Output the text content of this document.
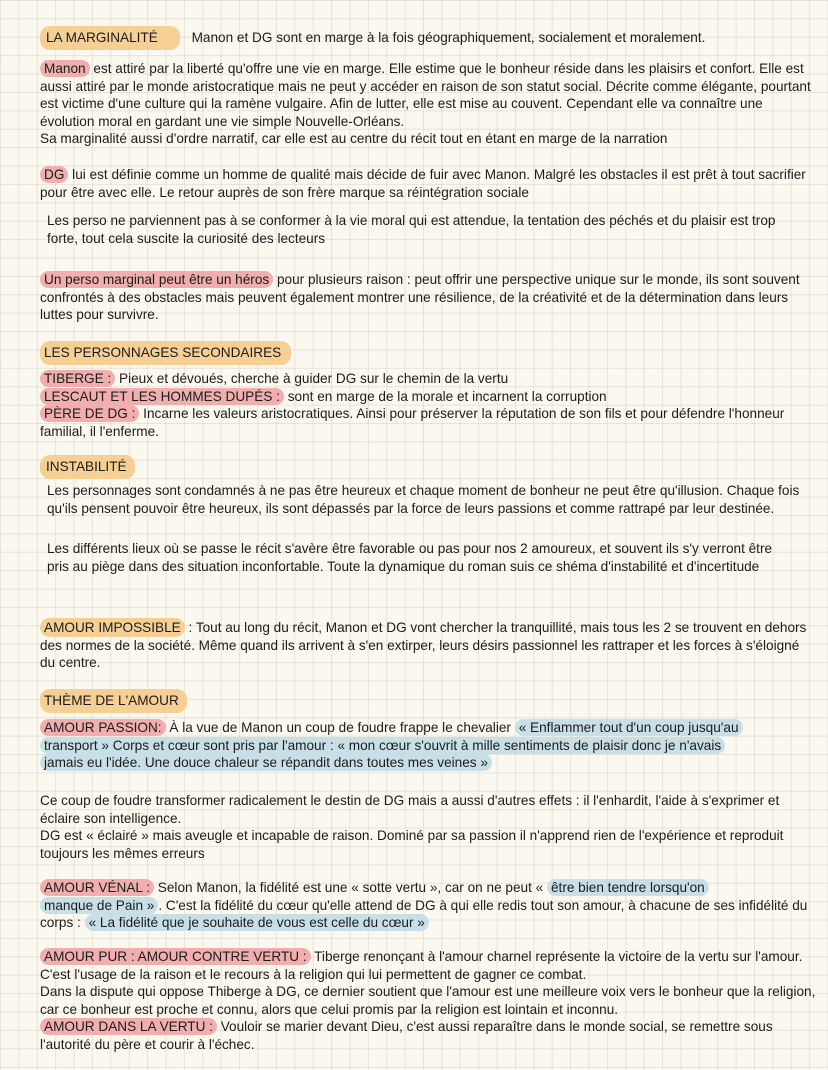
LA MARGINALITÉ Manon et DG sont en marge à la fois géographiquement, socialement et moralement.

Manon est attiré par la liberté qu'offre une vie en marge. Elle estime que le bonheur réside dans les plaisirs et confort. Elle est aussi attiré par le monde aristocratique mais ne peut y accéder en raison de son statut social. Décrite comme élégante, pourtant est victime d'une culture qui la ramène vulgaire. Afin de lutter, elle est mise au couvent. Cependant elle va connaître une évolution moral en gardant une vie simple Nouvelle-Orléans.

Sa marginalité aussi d'ordre narratif, car elle est au centre du récit tout en étant en marge de la narration

DG lui est définie comme un homme de qualité mais décide de fuir avec Manon. Malgré les obstacles il est prêt à tout sacrifier pour être avec elle. Le retour auprès de son frère marque sa réintégration sociale

Les perso ne parviennent pas à se conformer à la vie moral qui est attendue, la tentation des péchés et du plaisir est trop forte, tout cela suscite la curiosité des lecteurs

Un perso marginal peut être un héros pour plusieurs raison : peut offrir une perspective unique sur le monde, ils sont souvent confrontés à des obstacles mais peuvent également montrer une résilience, de la créativité et de la détermination dans leurs luttes pour survivre.

LES PERSONNAGES SECONDAIRES

TIBERGE : Pieux et dévoués, cherche à guider DG sur le chemin de la vertu

LESCAUT ET LES HOMMES DUPÉS : sont en marge de la morale et incarnent la corruption

PÈRE DE DG : Incarne les valeurs aristocratiques. Ainsi pour préserver la réputation de son fils et pour défendre l'honneur familial, il l'enferme.

INSTABILITÉ

Les personnages sont condamnés à ne pas être heureux et chaque moment de bonheur ne peut être qu'illusion. Chaque fois qu'ils pensent pouvoir être heureux, ils sont dépassés par la force de leurs passions et comme rattrapé par leur destinée.

Les différents lieux où se passe le récit s'avère être favorable ou pas pour nos 2 amoureux, et souvent ils s'y verront être pris au piège dans des situation inconfortable. Toute la dynamique du roman suis ce shéma d'instabilité et d'incertitude

AMOUR IMPOSSIBLE : Tout au long du récit, Manon et DG vont chercher la tranquillité, mais tous les 2 se trouvent en dehors des normes de la société. Même quand ils arrivent à s'en extirper, leurs désirs passionnel les rattraper et les forces à s'éloigné du centre.

THÈME DE L'AMOUR

AMOUR PASSION: À la vue de Manon un coup de foudre frappe le chevalier « Enflammer tout d'un coup jusqu'au

transport » Corps et cœur sont pris par l'amour : « mon cœur s'ouvrit à mille sentiments de plaisir donc je n'avais

jamais eu l'idée. Une douce chaleur se répandit dans toutes mes veines »

Ce coup de foudre transformer radicalement le destin de DG mais a aussi d'autres effets : il l'enhardit, l'aide à s'exprimer et éclaire son intelligence.

DG est « éclairé » mais aveugle et incapable de raison. Dominé par sa passion il n'apprend rien de l'expérience et reproduit toujours les mêmes erreurs

AMOUR VÉNAL : Selon Manon, la fidélité est une « sotte vertu », car on ne peut « être bien tendre lorsqu'on

manque de Pain » . C'est la fidélité du cœur qu'elle attend de DG à qui elle redis tout son amour, à chacune de ses infidélité du corps : « La fidélité que je souhaite de vous est celle du cœur »

AMOUR PUR : AMOUR CONTRE VERTU : Tiberge renonçant à l'amour charnel représente la victoire de la vertu sur l'amour. C'est l'usage de la raison et le recours à la religion qui lui permettent de gagner ce combat.

Dans la dispute qui oppose Thiberge à DG, ce dernier soutient que l'amour est une meilleure voix vers le bonheur que la religion, car ce bonheur est proche et connu, alors que celui promis par la religion est lointain et inconnu.

AMOUR DANS LA VERTU : Vouloir se marier devant Dieu, c'est aussi reparaître dans le monde social, se remettre sous l'autorité du père et courir à l'échec.
